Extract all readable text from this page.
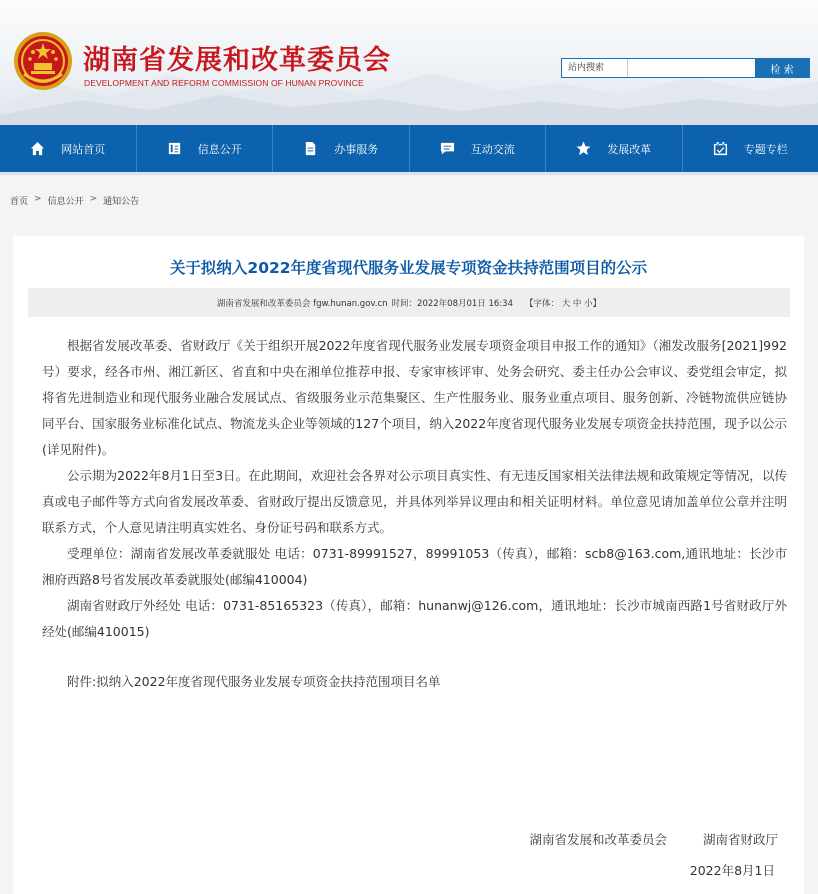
湖南省发展和改革委员会
DEVELOPMENT AND REFORM COMMISSION OF HUNAN PROVINCE
站内搜索	检 索
网站首页	信息公开	办事服务	互动交流	发展改革	专题专栏
首页 > 信息公开 > 通知公告
关于拟纳入2022年度省现代服务业发展专项资金扶持范围项目的公示
湖南省发展和改革委员会 fgw.hunan.gov.cn 时间：2022年08月01日 16:34 【字体： 大 中 小】

根据省发展改革委、省财政厅《关于组织开展2022年度省现代服务业发展专项资金项目申报工作的通知》（湘发改服务[2021]992号）要求，经各市州、湘江新区、省直和中央在湘单位推荐申报、专家审核评审、处务会研究、委主任办公会审议、委党组会审定，拟将省先进制造业和现代服务业融合发展试点、省级服务业示范集聚区、生产性服务业、服务业重点项目、服务创新、冷链物流供应链协同平台、国家服务业标准化试点、物流龙头企业等领域的127个项目，纳入2022年度省现代服务业发展专项资金扶持范围，现予以公示(详见附件)。

公示期为2022年8月1日至3日。在此期间，欢迎社会各界对公示项目真实性、有无违反国家相关法律法规和政策规定等情况，以传真或电子邮件等方式向省发展改革委、省财政厅提出反馈意见，并具体列举异议理由和相关证明材料。单位意见请加盖单位公章并注明联系方式，个人意见请注明真实姓名、身份证号码和联系方式。

受理单位：湖南省发展改革委就服处 电话：0731-89991527，89991053（传真），邮箱：scb8@163.com,通讯地址：长沙市湘府西路8号省发展改革委就服处(邮编410004)

湖南省财政厅外经处 电话：0731-85165323（传真），邮箱：hunanwj@126.com，通讯地址：长沙市城南西路1号省财政厅外经处(邮编410015)

附件:拟纳入2022年度省现代服务业发展专项资金扶持范围项目名单

湖南省发展和改革委员会	湖南省财政厅
2022年8月1日
